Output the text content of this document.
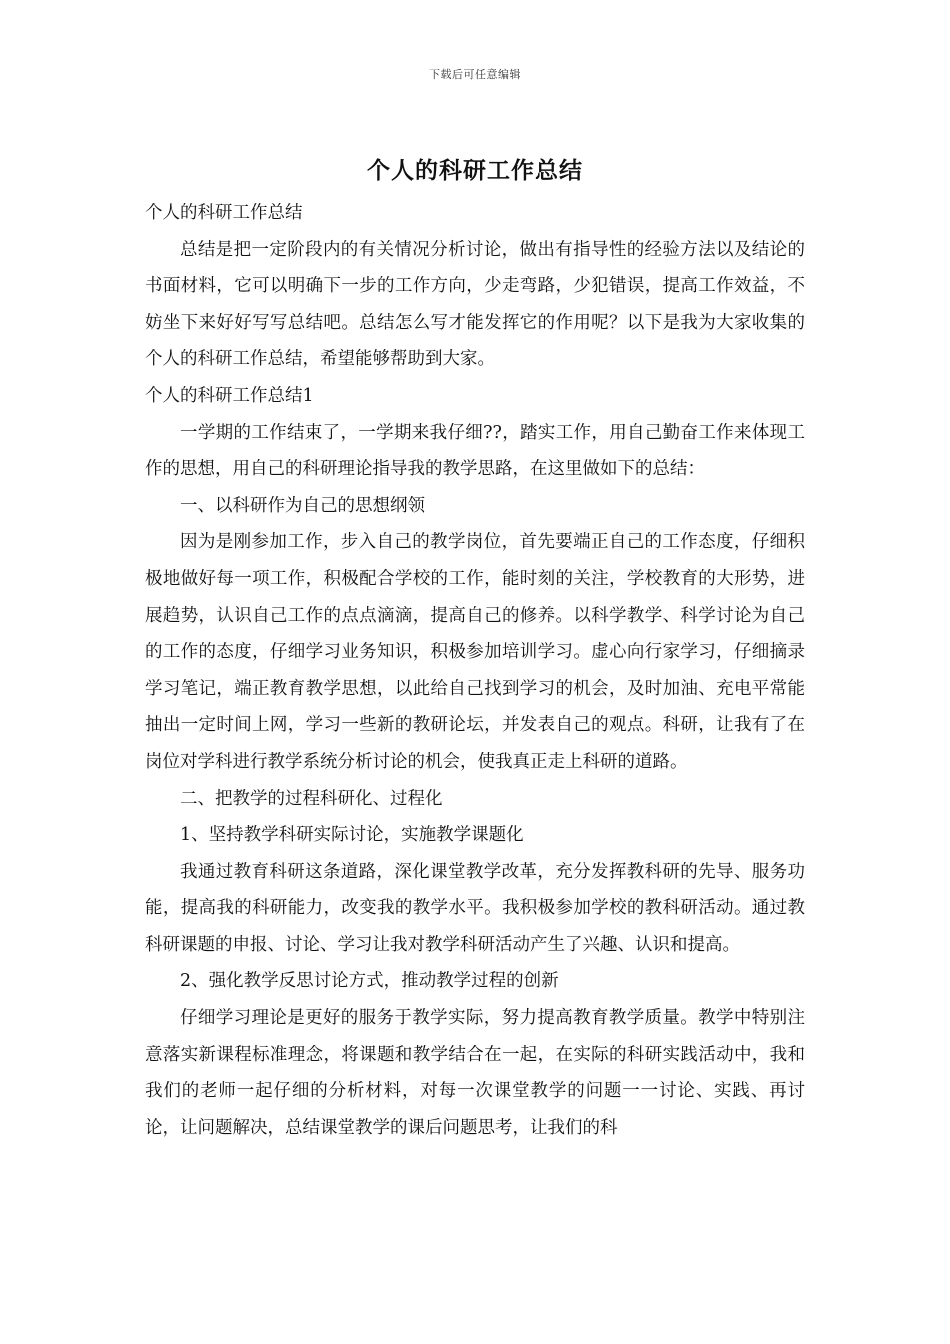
下载后可任意编辑
个人的科研工作总结

个人的科研工作总结

总结是把一定阶段内的有关情况分析讨论，做出有指导性的经验方法以及结论的书面材料，它可以明确下一步的工作方向，少走弯路，少犯错误，提高工作效益，不妨坐下来好好写写总结吧。总结怎么写才能发挥它的作用呢？以下是我为大家收集的个人的科研工作总结，希望能够帮助到大家。

个人的科研工作总结1

一学期的工作结束了，一学期来我仔细??，踏实工作，用自己勤奋工作来体现工作的思想，用自己的科研理论指导我的教学思路，在这里做如下的总结：

一、以科研作为自己的思想纲领

因为是刚参加工作，步入自己的教学岗位，首先要端正自己的工作态度，仔细积极地做好每一项工作，积极配合学校的工作，能时刻的关注，学校教育的大形势，进展趋势，认识自己工作的点点滴滴，提高自己的修养。以科学教学、科学讨论为自己的工作的态度，仔细学习业务知识，积极参加培训学习。虚心向行家学习，仔细摘录学习笔记，端正教育教学思想，以此给自己找到学习的机会，及时加油、充电平常能抽出一定时间上网，学习一些新的教研论坛，并发表自己的观点。科研，让我有了在岗位对学科进行教学系统分析讨论的机会，使我真正走上科研的道路。

二、把教学的过程科研化、过程化

1、坚持教学科研实际讨论，实施教学课题化

我通过教育科研这条道路，深化课堂教学改革，充分发挥教科研的先导、服务功能，提高我的科研能力，改变我的教学水平。我积极参加学校的教科研活动。通过教科研课题的申报、讨论、学习让我对教学科研活动产生了兴趣、认识和提高。

2、强化教学反思讨论方式，推动教学过程的创新

仔细学习理论是更好的服务于教学实际，努力提高教育教学质量。教学中特别注意落实新课程标准理念，将课题和教学结合在一起，在实际的科研实践活动中，我和我们的老师一起仔细的分析材料，对每一次课堂教学的问题一一讨论、实践、再讨论，让问题解决，总结课堂教学的课后问题思考，让我们的科
